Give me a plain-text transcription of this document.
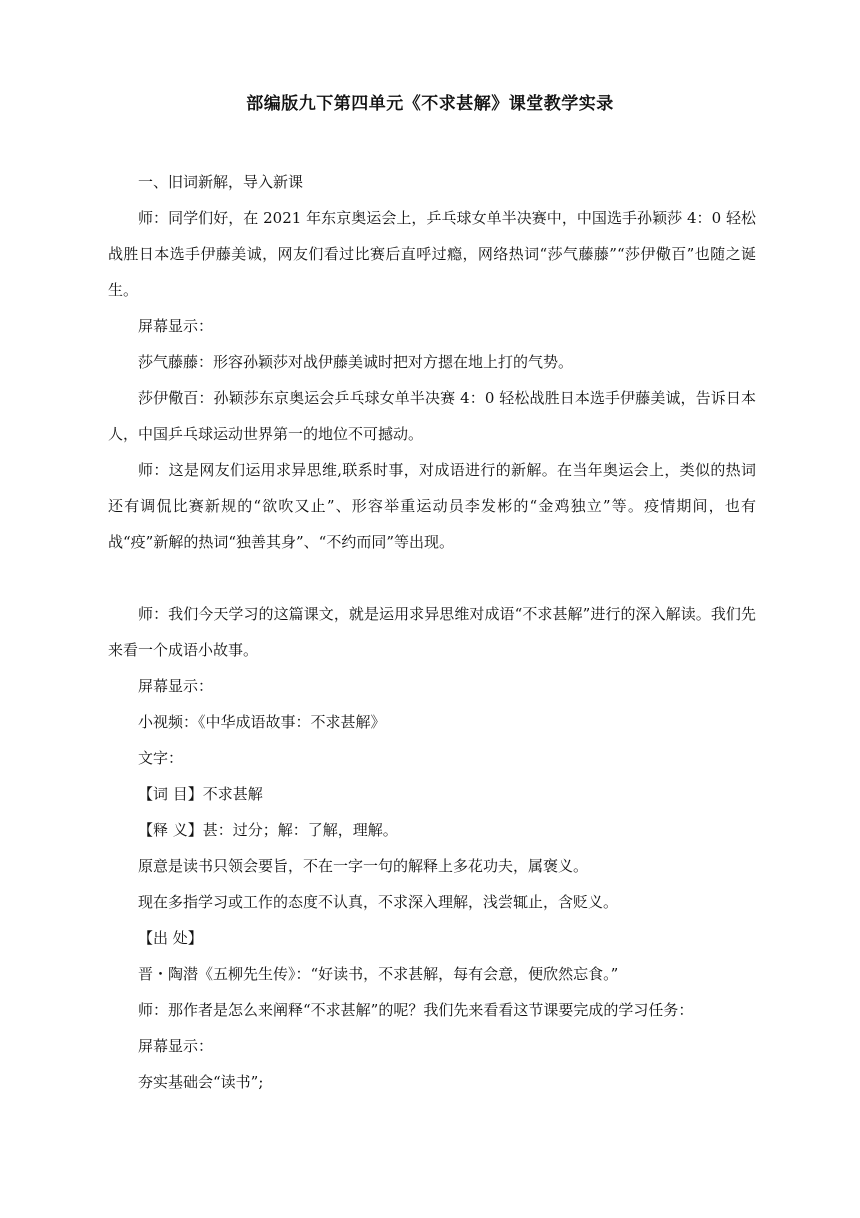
部编版九下第四单元《不求甚解》课堂教学实录

一、旧词新解，导入新课

师：同学们好，在 2021 年东京奥运会上，乒乓球女单半决赛中，中国选手孙颖莎 4：0 轻松战胜日本选手伊藤美诚，网友们看过比赛后直呼过瘾，网络热词“莎气藤藤”“莎伊儆百”也随之诞生。

屏幕显示：

莎气藤藤：形容孙颖莎对战伊藤美诚时把对方摁在地上打的气势。

莎伊儆百：孙颖莎东京奥运会乒乓球女单半决赛 4：0 轻松战胜日本选手伊藤美诚，告诉日本人，中国乒乓球运动世界第一的地位不可撼动。

师：这是网友们运用求异思维,联系时事，对成语进行的新解。在当年奥运会上，类似的热词还有调侃比赛新规的“欲吹又止”、形容举重运动员李发彬的“金鸡独立”等。疫情期间，也有战“疫”新解的热词“独善其身”、“不约而同”等出现。

师：我们今天学习的这篇课文，就是运用求异思维对成语“不求甚解”进行的深入解读。我们先来看一个成语小故事。

屏幕显示：

小视频：《中华成语故事：不求甚解》

文字：

【词 目】不求甚解

【释 义】甚：过分；解：了解，理解。

原意是读书只领会要旨，不在一字一句的解释上多花功夫，属褒义。

现在多指学习或工作的态度不认真，不求深入理解，浅尝辄止，含贬义。

【出 处】

晋・陶潜《五柳先生传》：“好读书，不求甚解，每有会意，便欣然忘食。”

师：那作者是怎么来阐释“不求甚解”的呢？我们先来看看这节课要完成的学习任务：

屏幕显示：

夯实基础会“读书”;
